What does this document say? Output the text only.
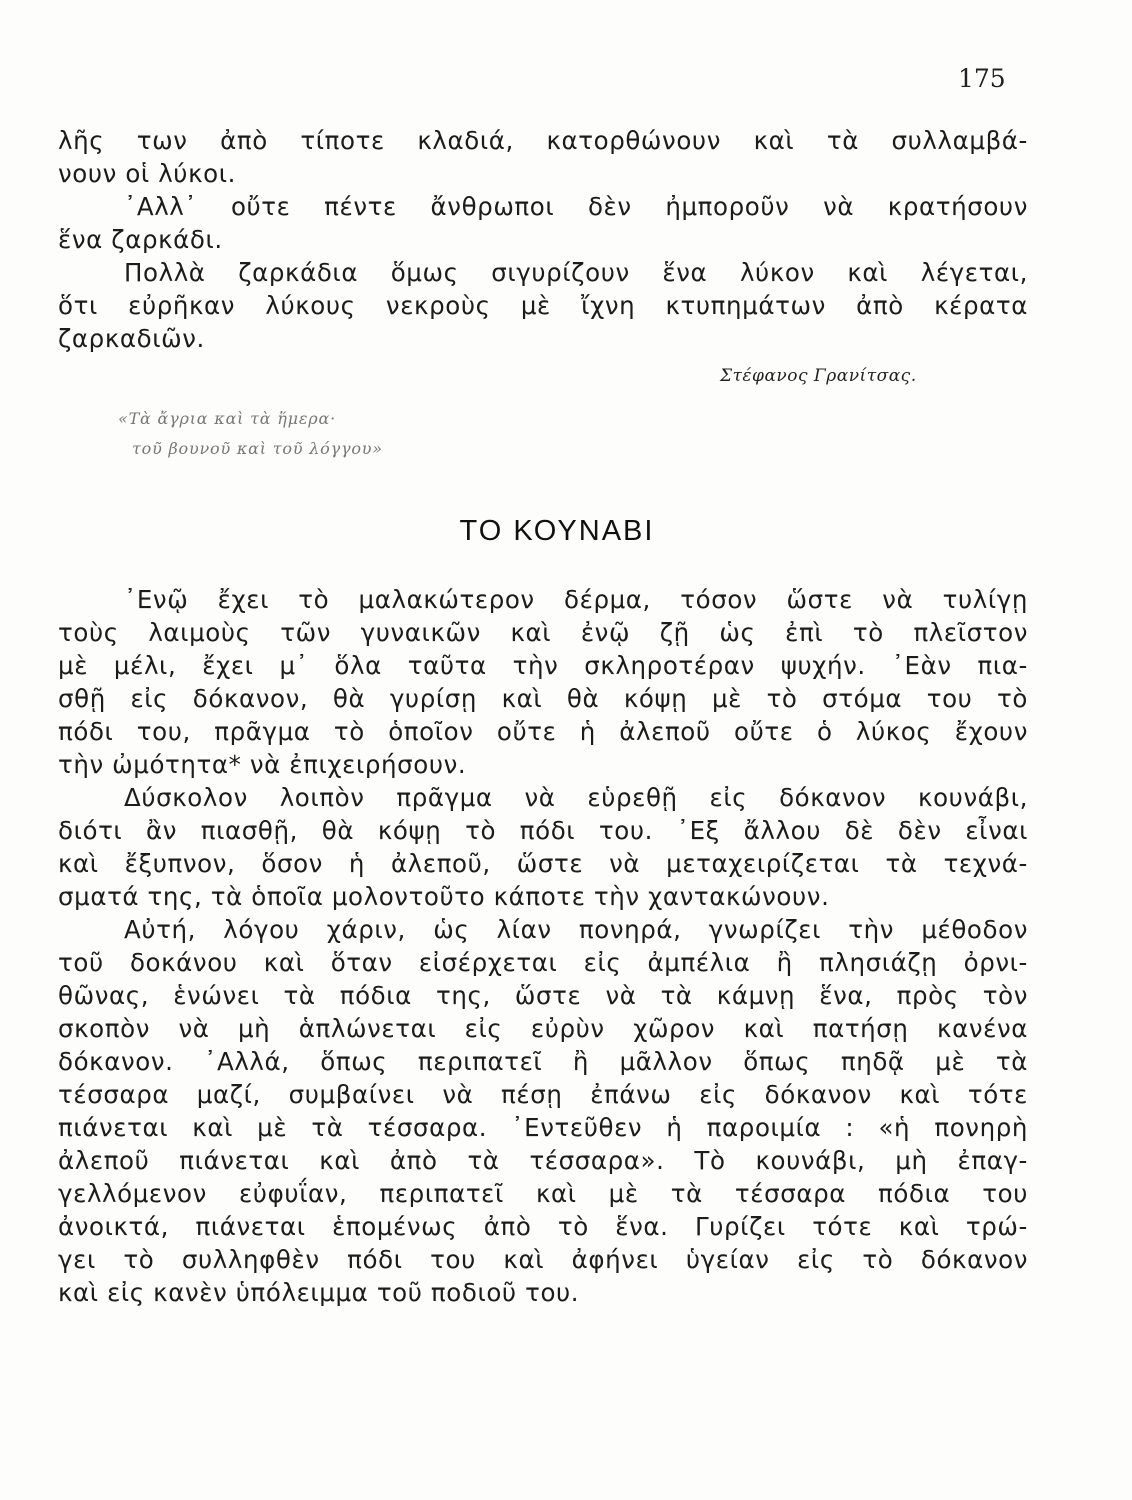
175
λῆς των ἀπὸ τίποτε κλαδιά, κατορθώνουν καὶ τὰ συλλαμβά-
νουν οἱ λύκοι.
᾿Αλλ᾿ οὔτε πέντε ἄνθρωποι δὲν ἠμποροῦν νὰ κρατήσουν
ἕνα ζαρκάδι.
Πολλὰ ζαρκάδια ὅμως σιγυρίζουν ἕνα λύκον καὶ λέγεται,
ὅτι εὐρῆκαν λύκους νεκροὺς μὲ ἴχνη κτυπημάτων ἀπὸ κέρατα
ζαρκαδιῶν.
Στέφανος Γρανίτσας.
«Τὰ ἄγρια καὶ τὰ ἥμερα·
τοῦ βουνοῦ καὶ τοῦ λόγγου»
ΤΟ ΚΟΥΝΑΒΙ
᾿Ενῷ ἔχει τὸ μαλακώτερον δέρμα, τόσον ὥστε νὰ τυλίγῃ
τοὺς λαιμοὺς τῶν γυναικῶν καὶ ἐνῷ ζῇ ὡς ἐπὶ τὸ πλεῖστον
μὲ μέλι, ἔχει μ᾿ ὅλα ταῦτα τὴν σκληροτέραν ψυχήν. ᾿Εὰν πια-
σθῇ εἰς δόκανον, θὰ γυρίσῃ καὶ θὰ κόψῃ μὲ τὸ στόμα του τὸ
πόδι του, πρᾶγμα τὸ ὁποῖον οὔτε ἡ ἀλεποῦ οὔτε ὁ λύκος ἔχουν
τὴν ὠμότητα* νὰ ἐπιχειρήσουν.
Δύσκολον λοιπὸν πρᾶγμα νὰ εὑρεθῇ εἰς δόκανον κουνάβι,
διότι ἂν πιασθῇ, θὰ κόψῃ τὸ πόδι του. ᾿Εξ ἄλλου δὲ δὲν εἶναι
καὶ ἔξυπνον, ὅσον ἡ ἀλεποῦ, ὥστε νὰ μεταχειρίζεται τὰ τεχνά-
σματά της, τὰ ὁποῖα μολοντοῦτο κάποτε τὴν χαντακώνουν.
Αὐτή, λόγου χάριν, ὡς λίαν πονηρά, γνωρίζει τὴν μέθοδον
τοῦ δοκάνου καὶ ὅταν εἰσέρχεται εἰς ἀμπέλια ἢ πλησιάζῃ ὀρνι-
θῶνας, ἑνώνει τὰ πόδια της, ὥστε νὰ τὰ κάμνῃ ἕνα, πρὸς τὸν
σκοπὸν νὰ μὴ ἁπλώνεται εἰς εὐρὺν χῶρον καὶ πατήσῃ κανένα
δόκανον. ᾿Αλλά, ὅπως περιπατεῖ ἢ μᾶλλον ὅπως πηδᾷ μὲ τὰ
τέσσαρα μαζί, συμβαίνει νὰ πέσῃ ἐπάνω εἰς δόκανον καὶ τότε
πιάνεται καὶ μὲ τὰ τέσσαρα. ᾿Εντεῦθεν ἡ παροιμία : «ἡ πονηρὴ
ἀλεποῦ πιάνεται καὶ ἀπὸ τὰ τέσσαρα». Τὸ κουνάβι, μὴ ἐπαγ-
γελλόμενον εὐφυΐαν, περιπατεῖ καὶ μὲ τὰ τέσσαρα πόδια του
ἀνοικτά, πιάνεται ἑπομένως ἀπὸ τὸ ἕνα. Γυρίζει τότε καὶ τρώ-
γει τὸ συλληφθὲν πόδι του καὶ ἀφήνει ὑγείαν εἰς τὸ δόκανον
καὶ εἰς κανὲν ὑπόλειμμα τοῦ ποδιοῦ του.
